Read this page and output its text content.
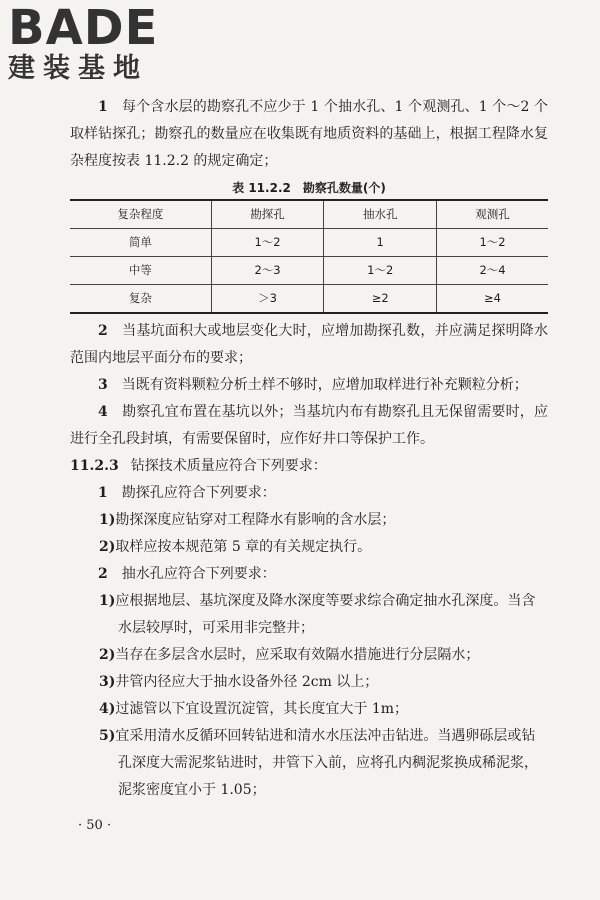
BADE
建装基地

1　 每个含水层的勘察孔不应少于 1 个抽水孔、1 个观测孔、1 个～2 个取样钻探孔；勘察孔的数量应在收集既有地质资料的基础上，根据工程降水复杂程度按表 11.2.2 的规定确定；

表 11.2.2　勘察孔数量(个)
复杂程度	勘探孔	抽水孔	观测孔
简单	1～2	1	1～2
中等	2～3	1～2	2～4
复杂	＞3	≥2	≥4

2　 当基坑面积大或地层变化大时，应增加勘探孔数，并应满足探明降水范围内地层平面分布的要求；

3　 当既有资料颗粒分析土样不够时，应增加取样进行补充颗粒分析；

4　 勘察孔宜布置在基坑以外；当基坑内布有勘察孔且无保留需要时，应进行全孔段封填，有需要保留时，应作好井口等保护工作。

11.2.3 钻探技术质量应符合下列要求：

1　 勘探孔应符合下列要求：

1)勘探深度应钻穿对工程降水有影响的含水层；

2)取样应按本规范第 5 章的有关规定执行。

2　 抽水孔应符合下列要求：

1)应根据地层、基坑深度及降水深度等要求综合确定抽水孔深度。当含水层较厚时，可采用非完整井；

2)当存在多层含水层时，应采取有效隔水措施进行分层隔水；

3)井管内径应大于抽水设备外径 2cm 以上；

4)过滤管以下宜设置沉淀管，其长度宜大于 1m；

5)宜采用清水反循环回转钻进和清水水压法冲击钻进。当遇卵砾层或钻孔深度大需泥浆钻进时，井管下入前，应将孔内稠泥浆换成稀泥浆，泥浆密度宜小于 1.05；

· 50 ·
